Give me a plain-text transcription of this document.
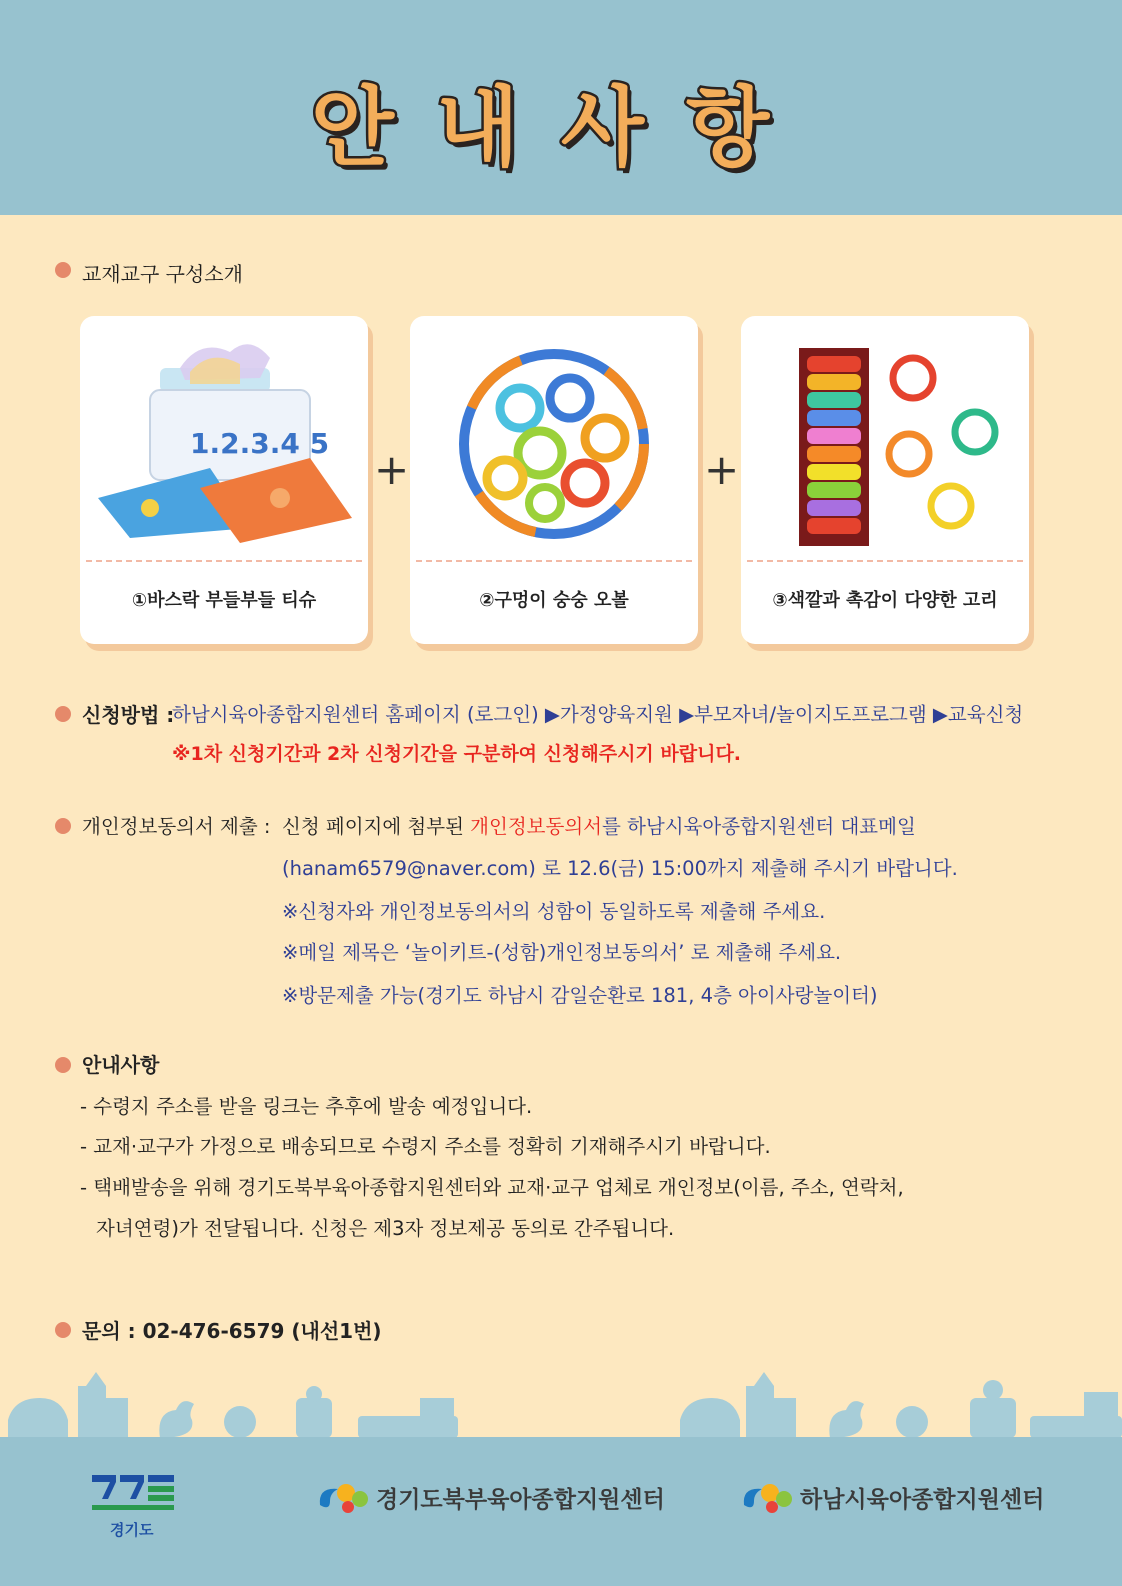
안내사항
교재교구 구성소개
1.2.3.4 5
①바스락 부들부들 티슈
+
②구멍이 숭숭 오볼
+
③색깔과 촉감이 다양한 고리
신청방법 :
하남시육아종합지원센터 홈페이지 (로그인) ▶가정양육지원 ▶부모자녀/놀이지도프로그램 ▶교육신청
※1차 신청기간과 2차 신청기간을 구분하여 신청해주시기 바랍니다.
개인정보동의서 제출 : 신청 페이지에 첨부된 개인정보동의서를 하남시육아종합지원센터 대표메일
(hanam6579@naver.com) 로 12.6(금) 15:00까지 제출해 주시기 바랍니다.
※신청자와 개인정보동의서의 성함이 동일하도록 제출해 주세요.
※메일 제목은 ‘놀이키트-(성함)개인정보동의서’ 로 제출해 주세요.
※방문제출 가능(경기도 하남시 감일순환로 181, 4층 아이사랑놀이터)
안내사항
- 수령지 주소를 받을 링크는 추후에 발송 예정입니다.
- 교재·교구가 가정으로 배송되므로 수령지 주소를 정확히 기재해주시기 바랍니다.
- 택배발송을 위해 경기도북부육아종합지원센터와 교재·교구 업체로 개인정보(이름, 주소, 연락처,
자녀연령)가 전달됩니다. 신청은 제3자 정보제공 동의로 간주됩니다.
문의 : 02-476-6579 (내선1번)
경기도
경기도북부육아종합지원센터	하남시육아종합지원센터
